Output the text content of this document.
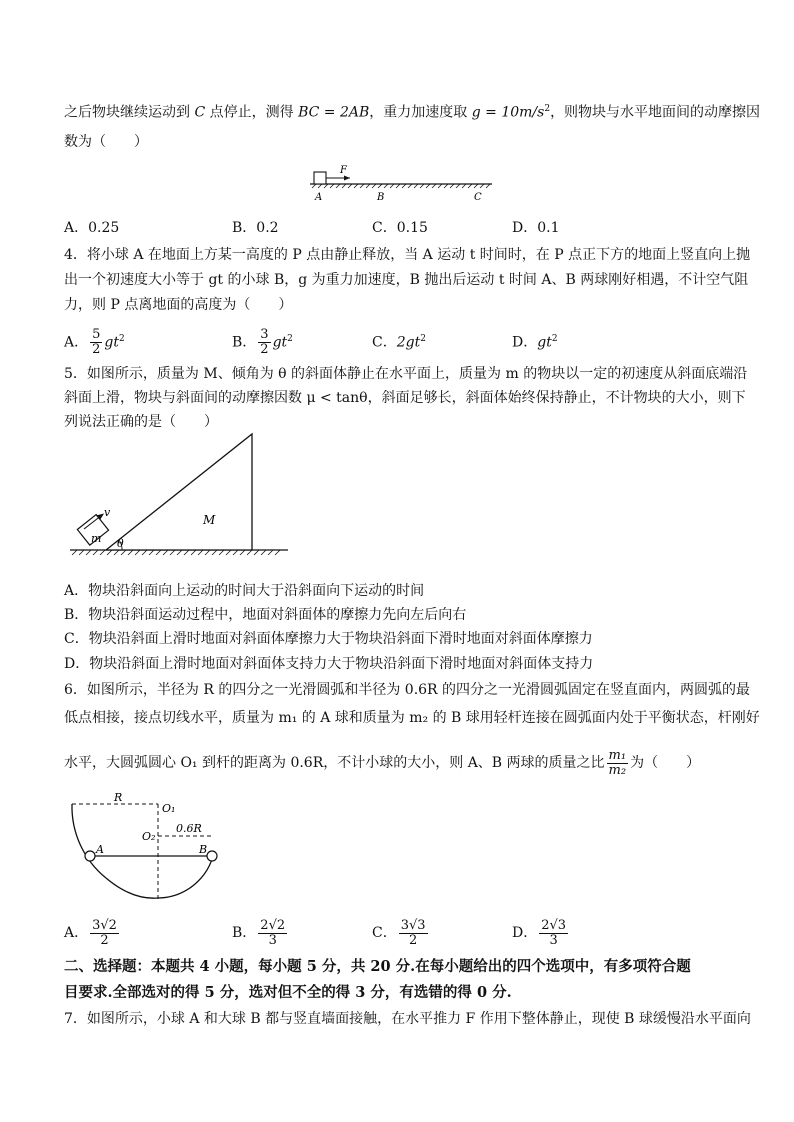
之后物块继续运动到 C 点停止，测得 BC = 2AB，重力加速度取 $g = 10m/s^2$，则物块与水平地面间的动摩擦因
数为（　　）
F
A	B	C
A．0.25	B．0.2	C．0.15	D．0.1
4．将小球 A 在地面上方某一高度的 P 点由静止释放，当 A 运动 t 时间时，在 P 点正下方的地面上竖直向上抛
出一个初速度大小等于 gt 的小球 B，g 为重力加速度，B 抛出后运动 t 时间 A、B 两球刚好相遇，不计空气阻
力，则 P 点离地面的高度为（　　）
A． $\frac{5}{2} gt^2$	B． $\frac{3}{2} gt^2$	C．$2gt^2$	D．$gt^2$
5．如图所示，质量为 M、倾角为 θ 的斜面体静止在水平面上，质量为 m 的物块以一定的初速度从斜面底端沿
斜面上滑，物块与斜面间的动摩擦因数 μ < tanθ，斜面足够长，斜面体始终保持静止，不计物块的大小，则下
列说法正确的是（　　）
m
v
θ
M
A．物块沿斜面向上运动的时间大于沿斜面向下运动的时间
B．物块沿斜面运动过程中，地面对斜面体的摩擦力先向左后向右
C．物块沿斜面上滑时地面对斜面体摩擦力大于物块沿斜面下滑时地面对斜面体摩擦力
D．物块沿斜面上滑时地面对斜面体支持力大于物块沿斜面下滑时地面对斜面体支持力
6．如图所示，半径为 R 的四分之一光滑圆弧和半径为 0.6R 的四分之一光滑圆弧固定在竖直面内，两圆弧的最
低点相接，接点切线水平，质量为 m₁ 的 A 球和质量为 m₂ 的 B 球用轻杆连接在圆弧面内处于平衡状态，杆刚好
水平，大圆弧圆心 O₁ 到杆的距离为 0.6R，不计小球的大小，则 A、B 两球的质量之比 $\frac{\text{m₁}}{\text{m₂}}$ 为（　　）
R
O₁
O₂
0.6R
A	B
A． $\frac{3√2}{2}$	B． $\frac{2√2}{3}$	C． $\frac{3√3}{2}$	D． $\frac{2√3}{3}$
二、选择题：本题共 4 小题，每小题 5 分，共 20 分.在每小题给出的四个选项中，有多项符合题
目要求.全部选对的得 5 分，选对但不全的得 3 分，有选错的得 0 分.
7．如图所示，小球 A 和大球 B 都与竖直墙面接触，在水平推力 F 作用下整体静止，现使 B 球缓慢沿水平面向
